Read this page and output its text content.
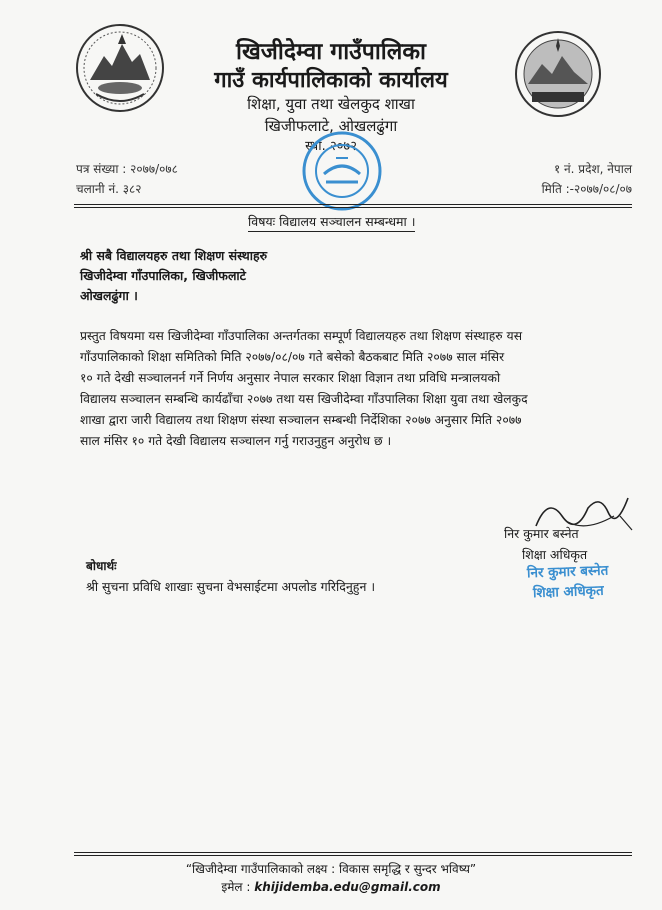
खिजीदेम्वा गाउँपालिका
गाउँ कार्यपालिकाको कार्यालय
शिक्षा, युवा तथा खेलकुद शाखा
खिजीफलाटे, ओखलढुंगा
स्था. २०७२
पत्र संख्या : २०७७/०७८
चलानी नं. ३८२
१ नं. प्रदेश, नेपाल
मिति :-२०७७/०८/०७
विषयः विद्यालय सञ्चालन सम्बन्धमा ।
श्री सबै विद्यालयहरु तथा शिक्षण संस्थाहरु
खिजीदेम्वा गाँउपालिका, खिजीफलाटे
ओखलढुंगा ।
प्रस्तुत विषयमा यस खिजीदेम्वा गाँउपालिका अन्तर्गतका सम्पूर्ण विद्यालयहरु तथा शिक्षण संस्थाहरु यस
गाँउपालिकाको शिक्षा समितिको मिति २०७७/०८/०७ गते बसेको बैठकबाट मिति २०७७ साल मंसिर
१० गते देखी सञ्चालनर्न गर्ने निर्णय अनुसार नेपाल सरकार शिक्षा विज्ञान तथा प्रविधि मन्त्रालयको
विद्यालय सञ्चालन सम्बन्धि कार्यढाँचा २०७७ तथा यस खिजीदेम्वा गाँउपालिका शिक्षा युवा तथा खेलकुद
शाखा द्वारा जारी विद्यालय तथा शिक्षण संस्था सञ्चालन सम्बन्धी निर्देशिका २०७७ अनुसार मिति २०७७
साल मंसिर १० गते देखी विद्यालय सञ्चालन गर्नु गराउनुहुन अनुरोध छ ।
निर कुमार बस्नेत
शिक्षा अधिकृत
निर कुमार बस्नेत
शिक्षा अधिकृत
बोधार्थः
श्री सुचना प्रविधि शाखाः सुचना वेभसाईटमा अपलोड गरिदिनुहुन ।
“खिजीदेम्वा गाउँपालिकाको लक्ष्य : विकास समृद्धि र सुन्दर भविष्य”
इमेल : khijidemba.edu@gmail.com
